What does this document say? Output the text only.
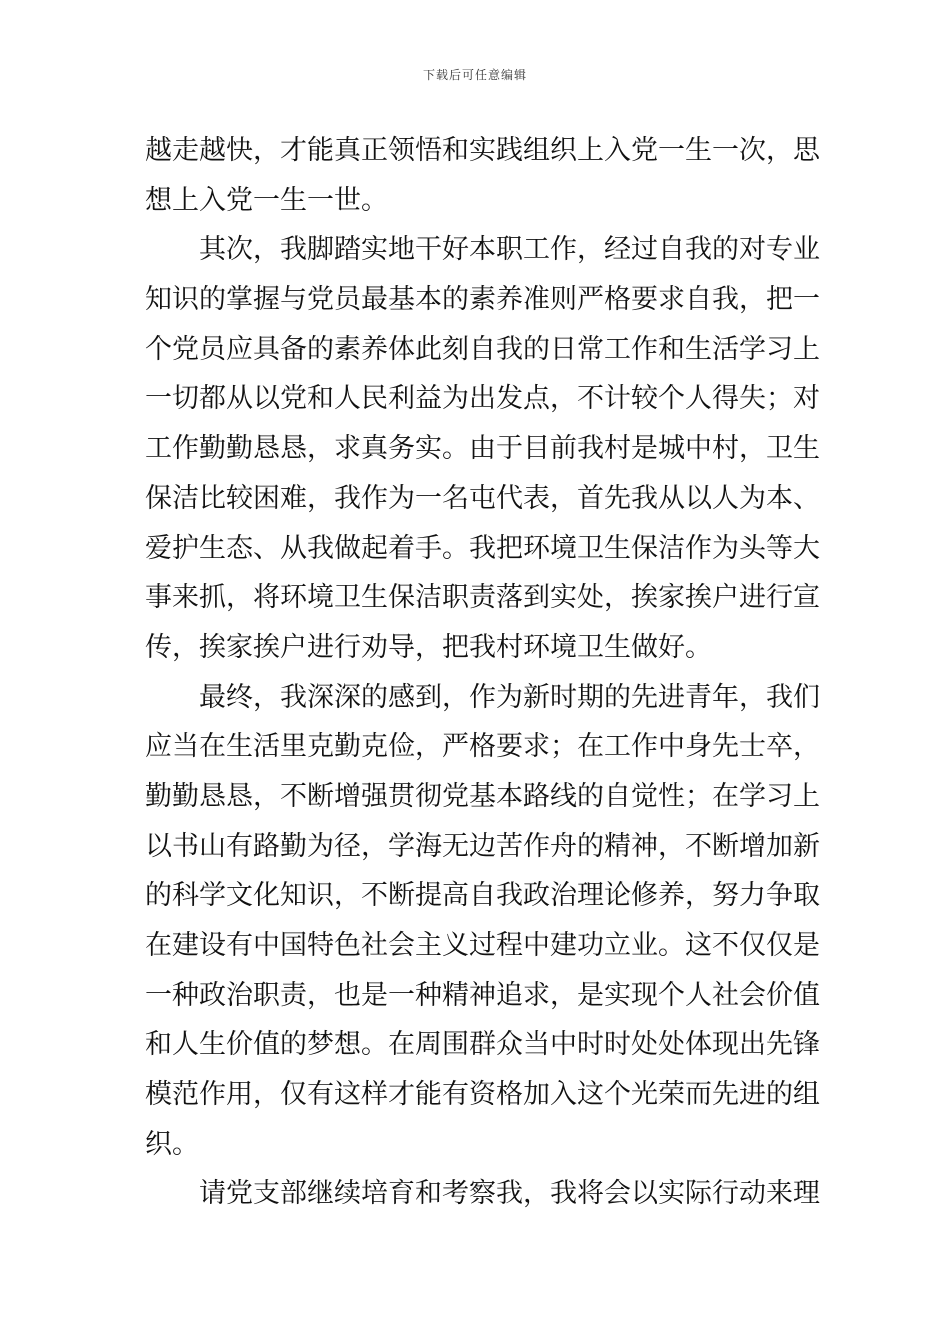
下载后可任意编辑
越走越快，才能真正领悟和实践组织上入党一生一次，思
想上入党一生一世。
其次，我脚踏实地干好本职工作，经过自我的对专业
知识的掌握与党员最基本的素养准则严格要求自我，把一
个党员应具备的素养体此刻自我的日常工作和生活学习上
一切都从以党和人民利益为出发点，不计较个人得失；对
工作勤勤恳恳，求真务实。由于目前我村是城中村，卫生
保洁比较困难，我作为一名屯代表，首先我从以人为本、
爱护生态、从我做起着手。我把环境卫生保洁作为头等大
事来抓，将环境卫生保洁职责落到实处，挨家挨户进行宣
传，挨家挨户进行劝导，把我村环境卫生做好。
最终，我深深的感到，作为新时期的先进青年，我们
应当在生活里克勤克俭，严格要求；在工作中身先士卒，
勤勤恳恳，不断增强贯彻党基本路线的自觉性；在学习上
以书山有路勤为径，学海无边苦作舟的精神，不断增加新
的科学文化知识，不断提高自我政治理论修养，努力争取
在建设有中国特色社会主义过程中建功立业。这不仅仅是
一种政治职责，也是一种精神追求，是实现个人社会价值
和人生价值的梦想。在周围群众当中时时处处体现出先锋
模范作用，仅有这样才能有资格加入这个光荣而先进的组
织。
请党支部继续培育和考察我，我将会以实际行动来理
